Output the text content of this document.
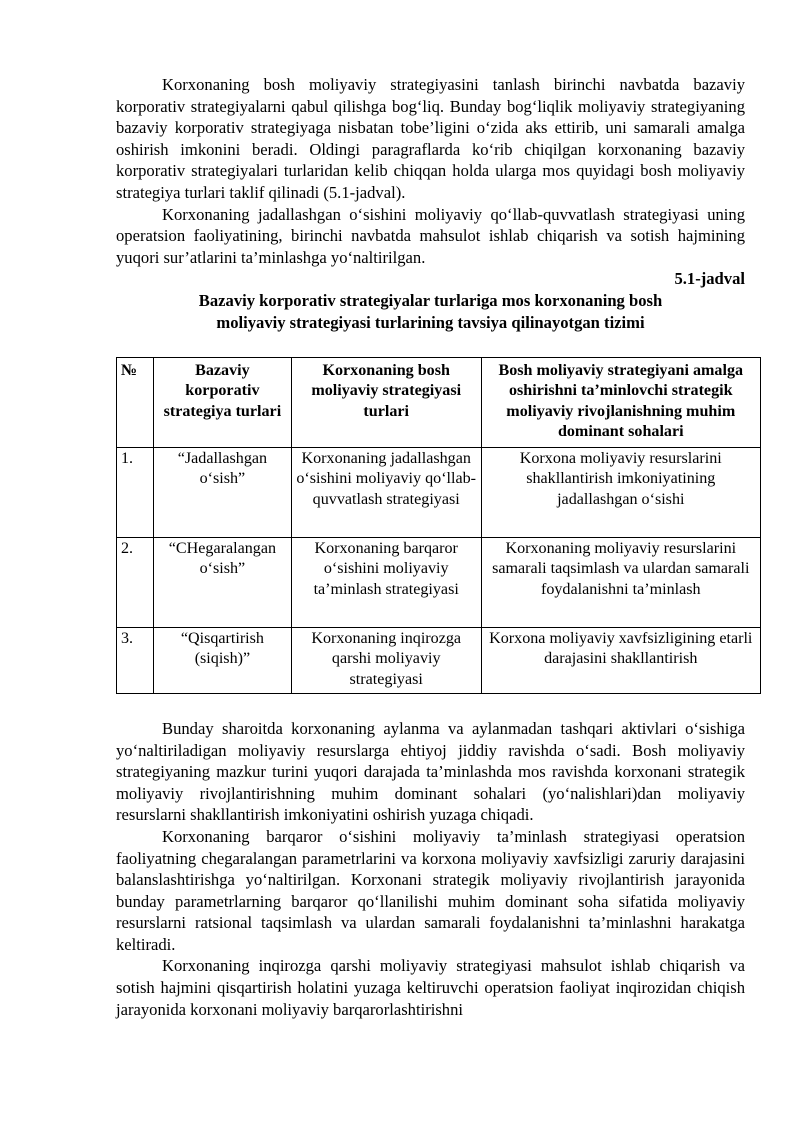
Korxonaning bosh moliyaviy strategiyasini tanlash birinchi navbatda bazaviy korporativ strategiyalarni qabul qilishga bog‘liq. Bunday bog‘liqlik moliyaviy strategiyaning bazaviy korporativ strategiyaga nisbatan tobe’ligini o‘zida aks ettirib, uni samarali amalga oshirish imkonini beradi. Oldingi paragraflarda ko‘rib chiqilgan korxonaning bazaviy korporativ strategiyalari turlaridan kelib chiqqan holda ularga mos quyidagi bosh moliyaviy strategiya turlari taklif qilinadi (5.1-jadval).

Korxonaning jadallashgan o‘sishini moliyaviy qo‘llab-quvvatlash strategiyasi uning operatsion faoliyatining, birinchi navbatda mahsulot ishlab chiqarish va sotish hajmining yuqori sur’atlarini ta’minlashga yo‘naltirilgan.

5.1-jadval

Bazaviy korporativ strategiyalar turlariga mos korxonaning bosh moliyaviy strategiyasi turlarining tavsiya qilinayotgan tizimi

№	Bazaviy korporativ strategiya turlari	Korxonaning bosh moliyaviy strategiyasi turlari	Bosh moliyaviy strategiyani amalga oshirishni ta’minlovchi strategik moliyaviy rivojlanishning muhim dominant sohalari
1.	“Jadallashgan o‘sish”	Korxonaning jadallashgan o‘sishini moliyaviy qo‘llab-quvvatlash strategiyasi	Korxona moliyaviy resurslarini shakllantirish imkoniyatining jadallashgan o‘sishi
2.	“CHegaralangan o‘sish”	Korxonaning barqaror o‘sishini moliyaviy ta’minlash strategiyasi	Korxonaning moliyaviy resurslarini samarali taqsimlash va ulardan samarali foydalanishni ta’minlash
3.	“Qisqartirish (siqish)”	Korxonaning inqirozga qarshi moliyaviy strategiyasi	Korxona moliyaviy xavfsizligining etarli darajasini shakllantirish

Bunday sharoitda korxonaning aylanma va aylanmadan tashqari aktivlari o‘sishiga yo‘naltiriladigan moliyaviy resurslarga ehtiyoj jiddiy ravishda o‘sadi. Bosh moliyaviy strategiyaning mazkur turini yuqori darajada ta’minlashda mos ravishda korxonani strategik moliyaviy rivojlantirishning muhim dominant sohalari (yo‘nalishlari)dan moliyaviy resurslarni shakllantirish imkoniyatini oshirish yuzaga chiqadi.

Korxonaning barqaror o‘sishini moliyaviy ta’minlash strategiyasi operatsion faoliyatning chegaralangan parametrlarini va korxona moliyaviy xavfsizligi zaruriy darajasini balanslashtirishga yo‘naltirilgan. Korxonani strategik moliyaviy rivojlantirish jarayonida bunday parametrlarning barqaror qo‘llanilishi muhim dominant soha sifatida moliyaviy resurslarni ratsional taqsimlash va ulardan samarali foydalanishni ta’minlashni harakatga keltiradi.

Korxonaning inqirozga qarshi moliyaviy strategiyasi mahsulot ishlab chiqarish va sotish hajmini qisqartirish holatini yuzaga keltiruvchi operatsion faoliyat inqirozidan chiqish jarayonida korxonani moliyaviy barqarorlashtirishni
